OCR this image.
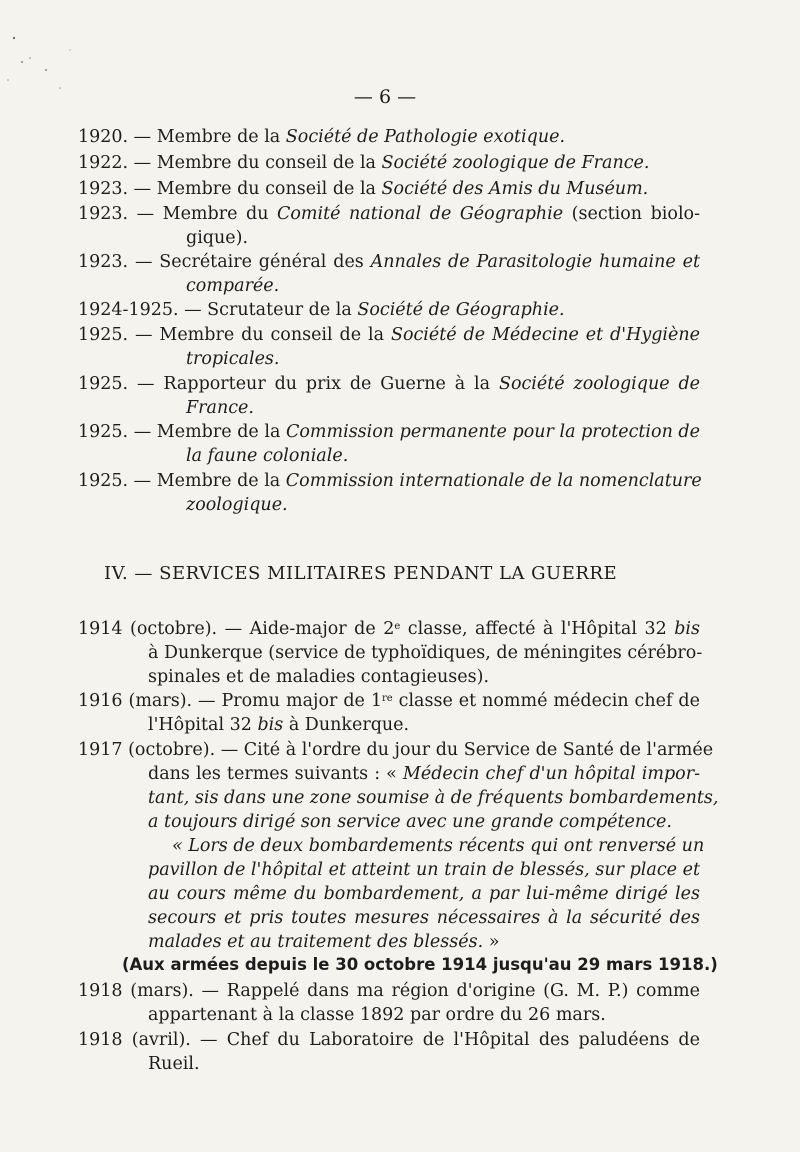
— 6 —
1920. — Membre de la Société de Pathologie exotique.
1922. — Membre du conseil de la Société zoologique de France.
1923. — Membre du conseil de la Société des Amis du Muséum.
1923. — Membre du Comité national de Géographie (section biolo-
gique).
1923. — Secrétaire général des Annales de Parasitologie humaine et
comparée.
1924-1925. — Scrutateur de la Société de Géographie.
1925. — Membre du conseil de la Société de Médecine et d'Hygiène
tropicales.
1925. — Rapporteur du prix de Guerne à la Société zoologique de
France.
1925. — Membre de la Commission permanente pour la protection de
la faune coloniale.
1925. — Membre de la Commission internationale de la nomenclature
zoologique.
IV. — SERVICES MILITAIRES PENDANT LA GUERRE
1914 (octobre). — Aide-major de 2e classe, affecté à l'Hôpital 32 bis
à Dunkerque (service de typhoïdiques, de méningites cérébro-
spinales et de maladies contagieuses).
1916 (mars). — Promu major de 1re classe et nommé médecin chef de
l'Hôpital 32 bis à Dunkerque.
1917 (octobre). — Cité à l'ordre du jour du Service de Santé de l'armée
dans les termes suivants : « Médecin chef d'un hôpital impor-
tant, sis dans une zone soumise à de fréquents bombardements,
a toujours dirigé son service avec une grande compétence.
« Lors de deux bombardements récents qui ont renversé un
pavillon de l'hôpital et atteint un train de blessés, sur place et
au cours même du bombardement, a par lui-même dirigé les
secours et pris toutes mesures nécessaires à la sécurité des
malades et au traitement des blessés. »
(Aux armées depuis le 30 octobre 1914 jusqu'au 29 mars 1918.)
1918 (mars). — Rappelé dans ma région d'origine (G. M. P.) comme
appartenant à la classe 1892 par ordre du 26 mars.
1918 (avril). — Chef du Laboratoire de l'Hôpital des paludéens de
Rueil.
